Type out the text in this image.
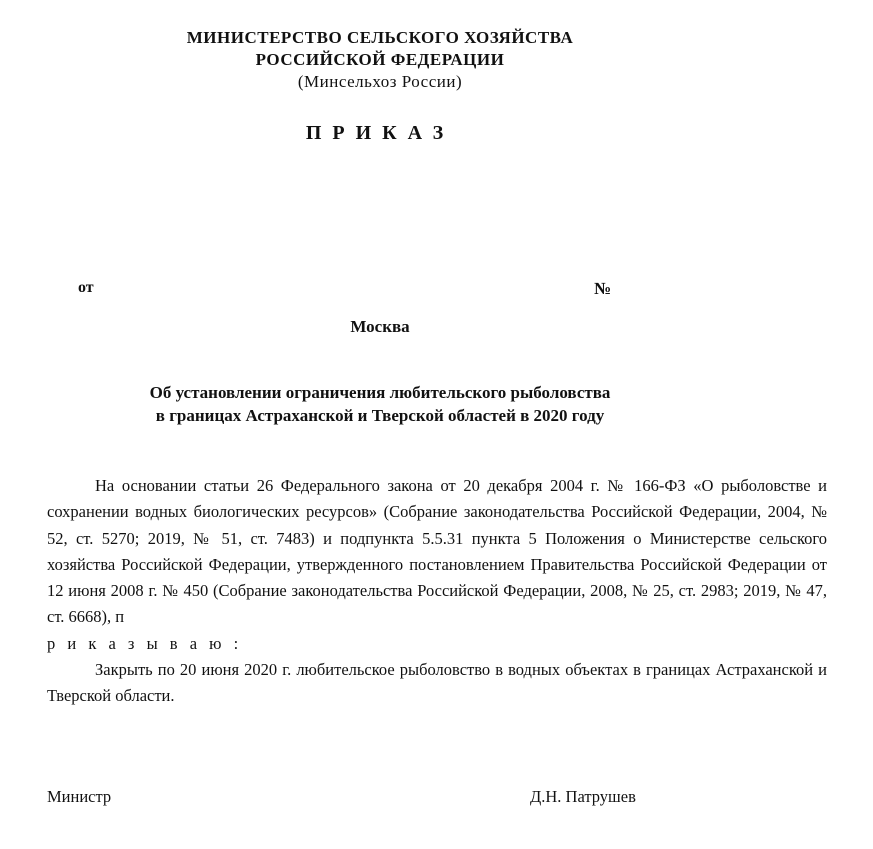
МИНИСТЕРСТВО СЕЛЬСКОГО ХОЗЯЙСТВА
РОССИЙСКОЙ ФЕДЕРАЦИИ
(Минсельхоз России)
ПРИКАЗ
от	№
Москва
Об установлении ограничения любительского рыболовства
в границах Астраханской и Тверской областей в 2020 году

На основании статьи 26 Федерального закона от 20 декабря 2004 г. № 166-ФЗ «О рыболовстве и сохранении водных биологических ресурсов» (Собрание законодательства Российской Федерации, 2004, № 52, ст. 5270; 2019, № 51, ст. 7483) и подпункта 5.5.31 пункта 5 Положения о Министерстве сельского хозяйства Российской Федерации, утвержденного постановлением Правительства Российской Федерации от 12 июня 2008 г. № 450 (Собрание законодательства Российской Федерации, 2008, № 25, ст. 2983; 2019, № 47, ст. 6668), п
р и к а з ы в а ю :

Закрыть по 20 июня 2020 г. любительское рыболовство в водных объектах в границах Астраханской и Тверской области.

Министр	Д.Н. Патрушев
